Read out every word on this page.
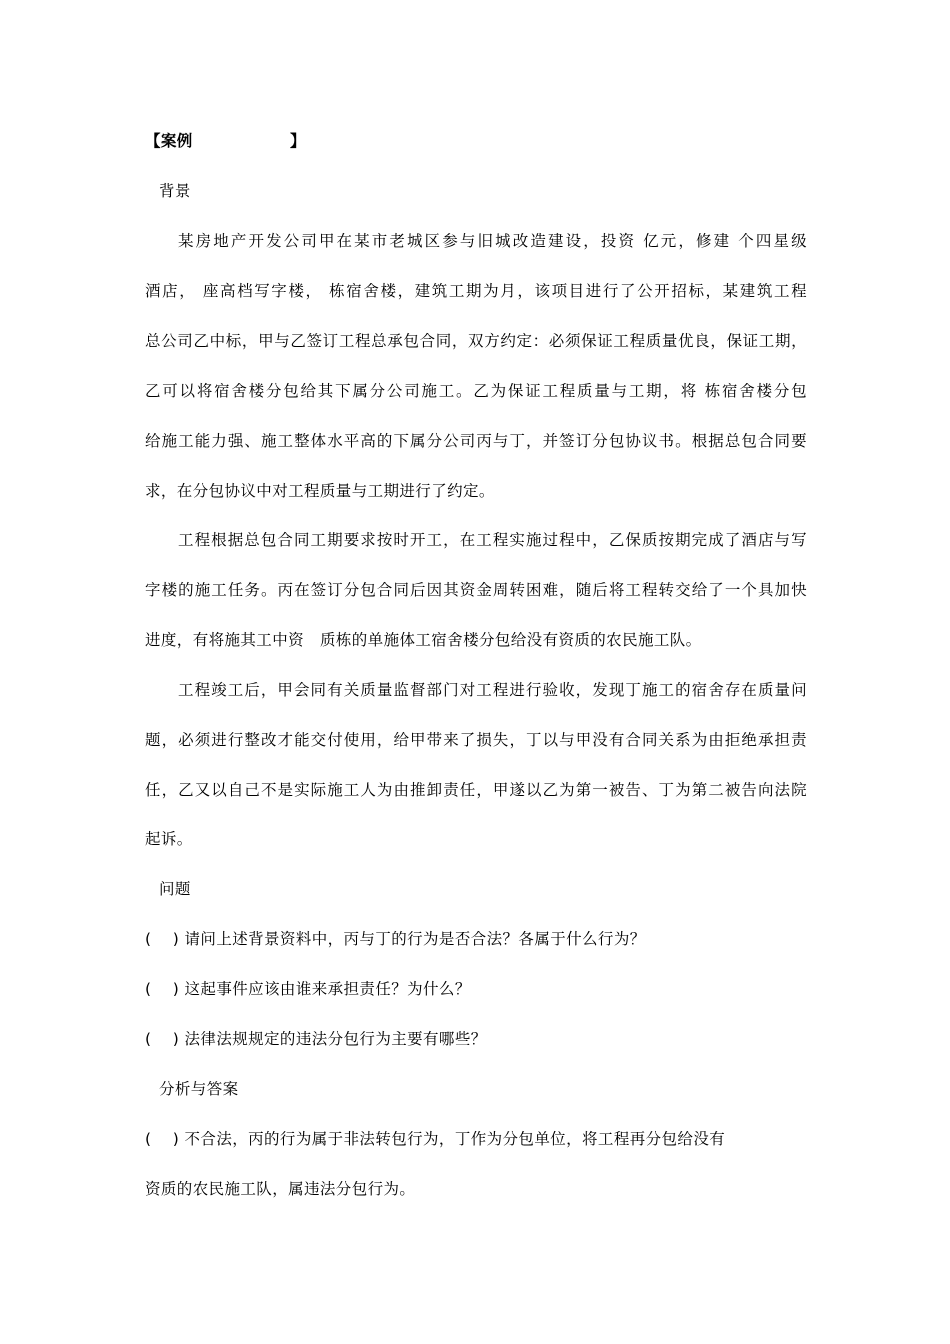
【案例	】
背景
某房地产开发公司甲在某市老城区参与旧城改造建设，投资 亿元，修建 个四星级
酒店， 座高档写字楼， 栋宿舍楼，建筑工期为月，该项目进行了公开招标，某建筑工程
总公司乙中标，甲与乙签订工程总承包合同，双方约定：必须保证工程质量优良，保证工期，
乙可以将宿舍楼分包给其下属分公司施工。乙为保证工程质量与工期，将 栋宿舍楼分包
给施工能力强、施工整体水平高的下属分公司丙与丁，并签订分包协议书。根据总包合同要
求，在分包协议中对工程质量与工期进行了约定。
工程根据总包合同工期要求按时开工，在工程实施过程中，乙保质按期完成了酒店与写
字楼的施工任务。丙在签订分包合同后因其资金周转困难，随后将工程转交给了一个具加快
进度，有将施其工中资   质栋的单施体工宿舍楼分包给没有资质的农民施工队。
工程竣工后，甲会同有关质量监督部门对工程进行验收，发现丁施工的宿舍存在质量问
题，必须进行整改才能交付使用，给甲带来了损失，丁以与甲没有合同关系为由拒绝承担责
任，乙又以自己不是实际施工人为由推卸责任，甲遂以乙为第一被告、丁为第二被告向法院
起诉。
问题
(    ) 请问上述背景资料中，丙与丁的行为是否合法？各属于什么行为？
(    ) 这起事件应该由谁来承担责任？为什么？
(    ) 法律法规规定的违法分包行为主要有哪些？
分析与答案
(    ) 不合法，丙的行为属于非法转包行为，丁作为分包单位，将工程再分包给没有
资质的农民施工队，属违法分包行为。
